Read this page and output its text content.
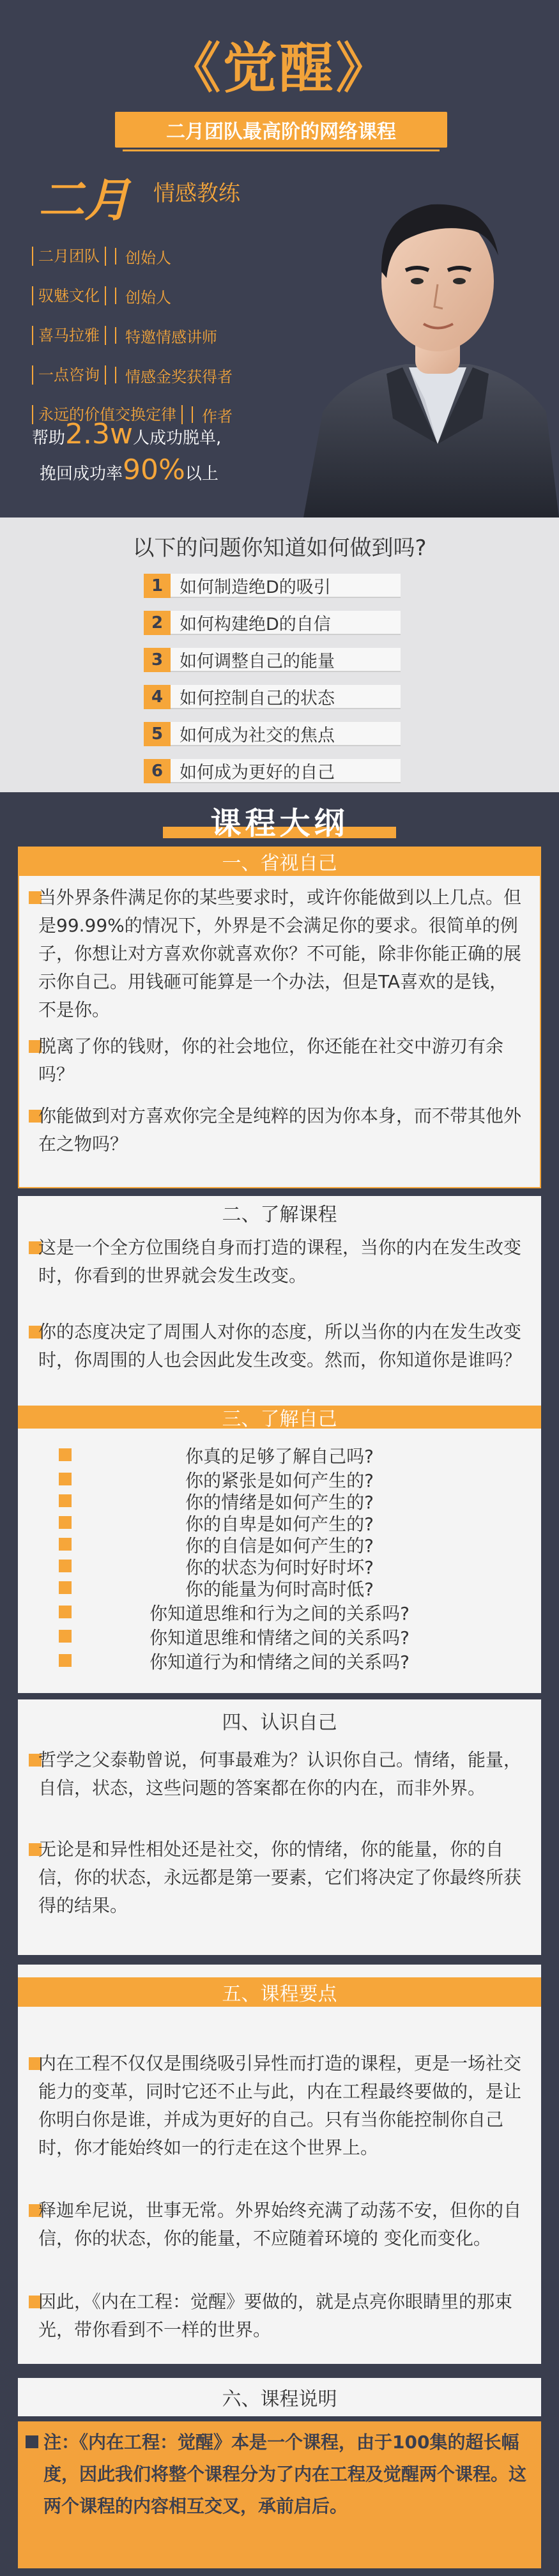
《觉醒》
二月团队最高阶的网络课程
二月 情感教练
二月团队	创始人
驭魅文化	创始人
喜马拉雅	特邀情感讲师
一点咨询	情感金奖获得者
永远的价值交换定律	作者
帮助2.3w人成功脱单,
挽回成功率90%以上
以下的问题你知道如何做到吗?
1 如何制造绝D的吸引
2 如何构建绝D的自信
3 如何调整自己的能量
4 如何控制自己的状态
5 如何成为社交的焦点
6 如何成为更好的自己
课程大纲
一、省视自己
当外界条件满足你的某些要求时，或许你能做到以上几点。但是99.99%的情况下，外界是不会满足你的要求。很简单的例子，你想让对方喜欢你就喜欢你？不可能，除非你能正确的展示你自己。用钱砸可能算是一个办法，但是TA喜欢的是钱，不是你。
脱离了你的钱财，你的社会地位，你还能在社交中游刃有余吗？
你能做到对方喜欢你完全是纯粹的因为你本身，而不带其他外在之物吗？
二、了解课程
这是一个全方位围绕自身而打造的课程，当你的内在发生改变时，你看到的世界就会发生改变。
你的态度决定了周围人对你的态度，所以当你的内在发生改变时，你周围的人也会因此发生改变。然而，你知道你是谁吗？
三、了解自己
你真的足够了解自己吗?
你的紧张是如何产生的?
你的情绪是如何产生的?
你的自卑是如何产生的?
你的自信是如何产生的?
你的状态为何时好时坏?
你的能量为何时高时低?
你知道思维和行为之间的关系吗?
你知道思维和情绪之间的关系吗?
你知道行为和情绪之间的关系吗?
四、认识自己
哲学之父泰勒曾说，何事最难为？认识你自己。情绪，能量，自信，状态，这些问题的答案都在你的内在，而非外界。
无论是和异性相处还是社交，你的情绪，你的能量，你的自信，你的状态，永远都是第一要素，它们将决定了你最终所获得的结果。
五、课程要点
内在工程不仅仅是围绕吸引异性而打造的课程，更是一场社交能力的变革，同时它还不止与此，内在工程最终要做的，是让你明白你是谁，并成为更好的自己。只有当你能控制你自己时，你才能始终如一的行走在这个世界上。
释迦牟尼说，世事无常。外界始终充满了动荡不安，但你的自信，你的状态，你的能量，不应随着环境的 变化而变化。
因此，《内在工程：觉醒》要做的，就是点亮你眼睛里的那束光，带你看到不一样的世界。
六、课程说明
注：《内在工程：觉醒》本是一个课程，由于100集的超长幅度，因此我们将整个课程分为了内在工程及觉醒两个课程。这两个课程的内容相互交叉，承前启后。
